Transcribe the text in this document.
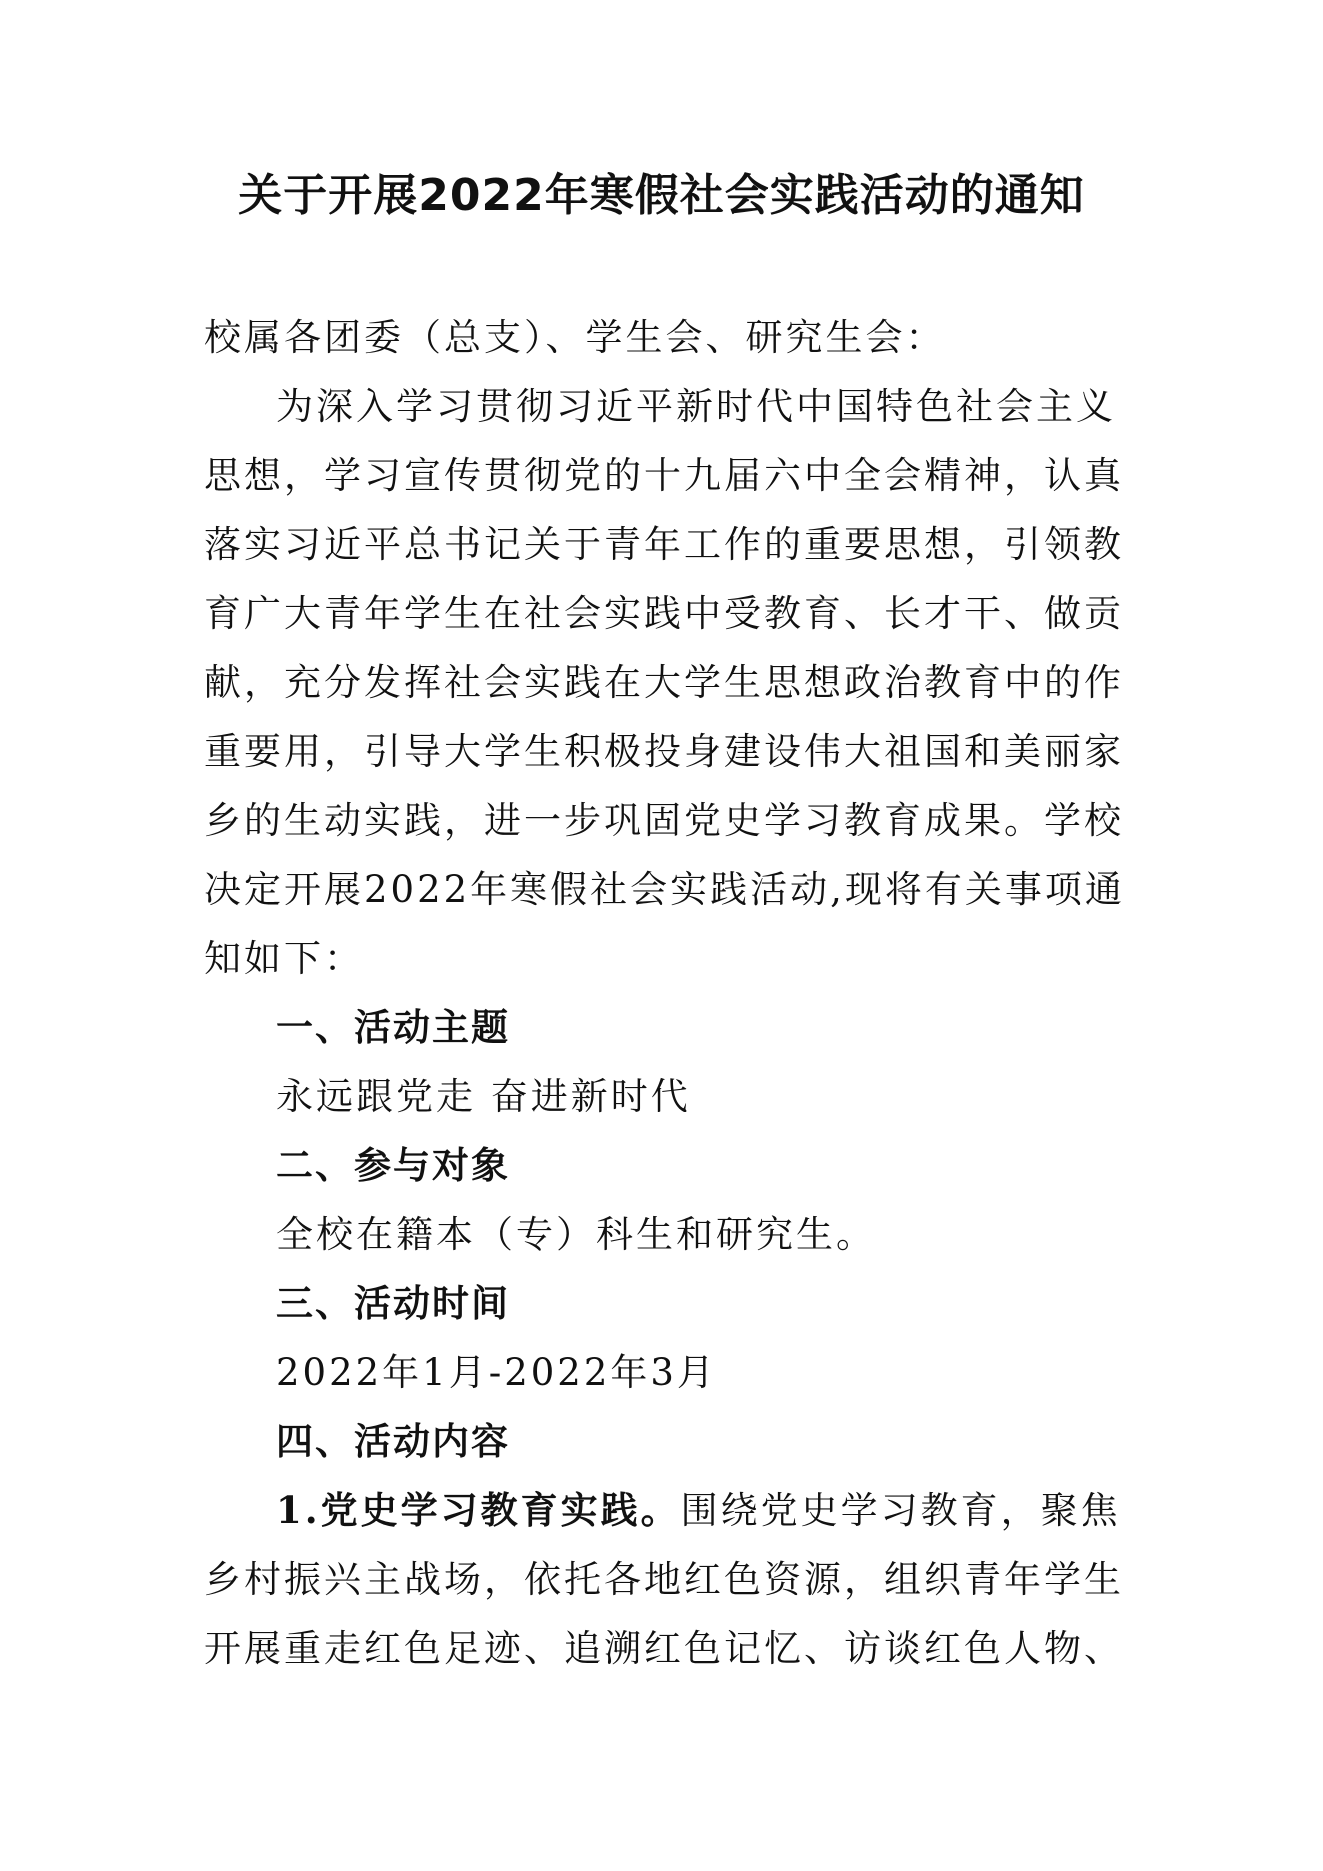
关于开展2022年寒假社会实践活动的通知
校属各团委（总支）、学生会、研究生会：
为深入学习贯彻习近平新时代中国特色社会主义
思想，学习宣传贯彻党的十九届六中全会精神，认真
落实习近平总书记关于青年工作的重要思想，引领教
育广大青年学生在社会实践中受教育、长才干、做贡
献，充分发挥社会实践在大学生思想政治教育中的作
重要用，引导大学生积极投身建设伟大祖国和美丽家
乡的生动实践，进一步巩固党史学习教育成果。学校
决定开展2022年寒假社会实践活动,现将有关事项通
知如下：
一、活动主题
永远跟党走 奋进新时代
二、参与对象
全校在籍本（专）科生和研究生。
三、活动时间
2022年1月-2022年3月
四、活动内容
1.党史学习教育实践。围绕党史学习教育，聚焦
乡村振兴主战场，依托各地红色资源，组织青年学生
开展重走红色足迹、追溯红色记忆、访谈红色人物、
